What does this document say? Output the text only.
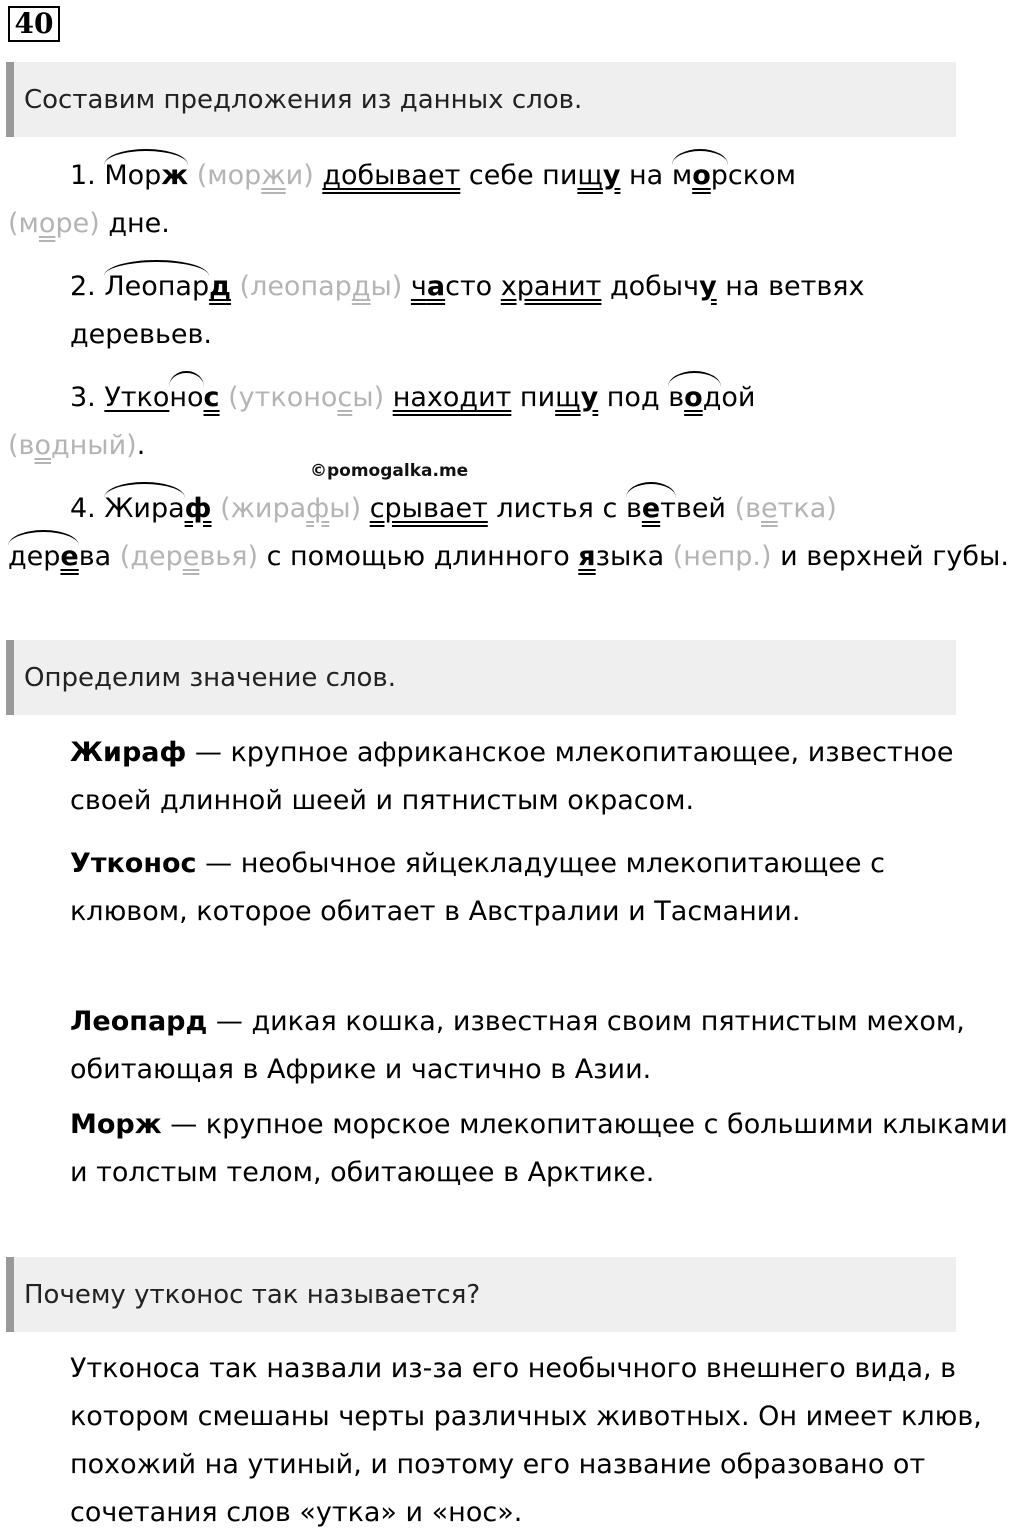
40
Составим предложения из данных слов.

1. Морж (моржи) добывает себе пищу на морском
(море) дне.

2. Леопард (леопарды) часто хранит добычу на ветвях деревьев.

3. Утконос (утконосы) находит пищу под водой
(водный).

©pomogalka.me

4. Жираф (жирафы) срывает листья с ветвей (ветка)
дерева (деревья) с помощью длинного языка (непр.) и верхней губы.

Определим значение слов.

Жираф — крупное африканское млекопитающее, известное своей длинной шеей и пятнистым окрасом.

Утконос — необычное яйцекладущее млекопитающее с клювом, которое обитает в Австралии и Тасмании.

Леопард — дикая кошка, известная своим пятнистым мехом, обитающая в Африке и частично в Азии.

Морж — крупное морское млекопитающее с большими клыками и толстым телом, обитающее в Арктике.

Почему утконос так называется?

Утконоса так назвали из-за его необычного внешнего вида, в котором смешаны черты различных животных. Он имеет клюв, похожий на утиный, и поэтому его название образовано от сочетания слов «утка» и «нос».
